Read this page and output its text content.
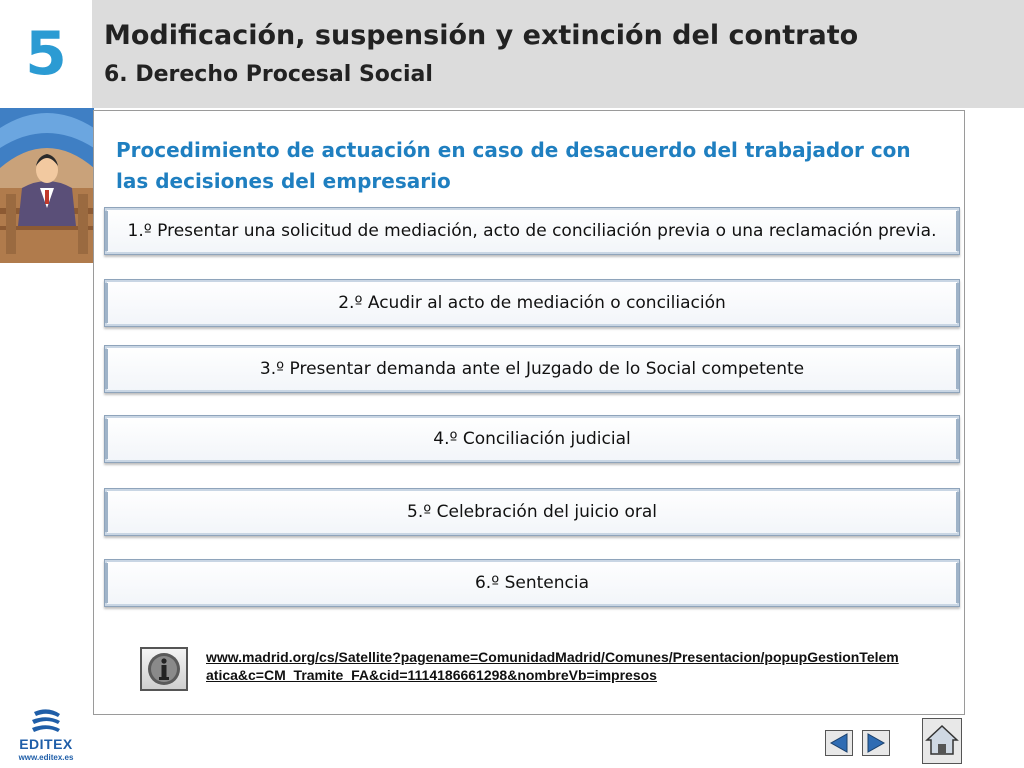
5	Modificación, suspensión y extinción del contrato
6. Derecho Procesal Social
Procedimiento de actuación en caso de desacuerdo del trabajador con las decisiones del empresario
1.º Presentar una solicitud de mediación, acto de conciliación previa o una reclamación previa.
2.º Acudir al acto de mediación o conciliación
3.º Presentar demanda ante el Juzgado de lo Social competente
4.º Conciliación judicial
5.º Celebración del juicio oral
6.º Sentencia
www.madrid.org/cs/Satellite?pagename=ComunidadMadrid/Comunes/Presentacion/popupGestionTelematica&c=CM_Tramite_FA&cid=1114186661298&nombreVb=impresos
EDITEX
www.editex.es
